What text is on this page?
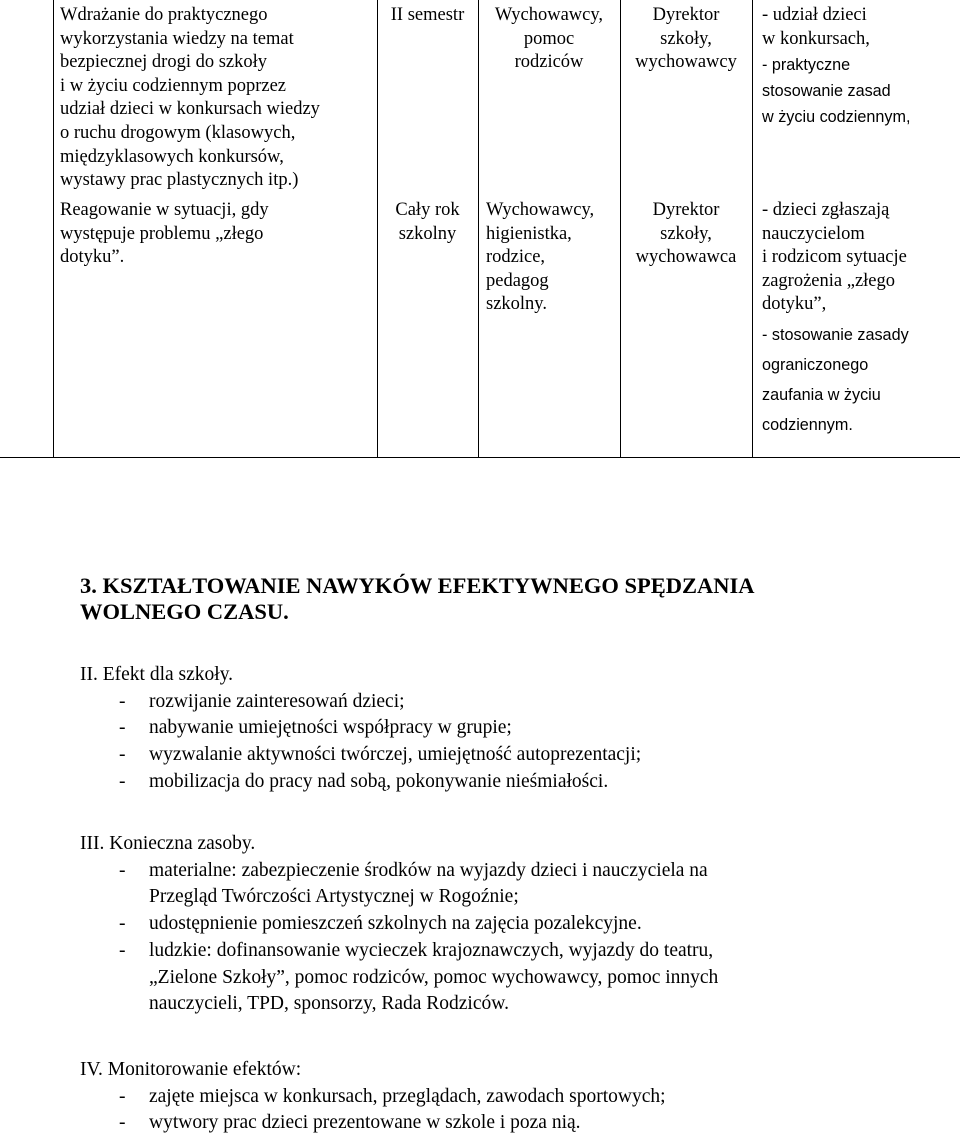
Wdrażanie do praktycznego
wykorzystania wiedzy na temat
bezpiecznej drogi do szkoły
i w życiu codziennym poprzez
udział dzieci w konkursach wiedzy
o ruchu drogowym (klasowych,
międzyklasowych konkursów,
wystawy prac plastycznych itp.)
II semestr	Wychowawcy,
pomoc
rodziców
Dyrektor
szkoły,
wychowawcy
- udział dzieci
w konkursach,
- praktyczne
stosowanie zasad
w życiu codziennym,
Reagowanie w sytuacji, gdy
występuje problemu „złego
dotyku”.
Cały rok
szkolny
Wychowawcy,
higienistka,
rodzice,
pedagog
szkolny.
Dyrektor
szkoły,
wychowawca
- dzieci zgłaszają
nauczycielom
i rodzicom sytuacje
zagrożenia „złego
dotyku”,
- stosowanie zasady
ograniczonego
zaufania w życiu
codziennym.
3. KSZTAŁTOWANIE NAWYKÓW EFEKTYWNEGO SPĘDZANIA
WOLNEGO CZASU.
II. Efekt dla szkoły.
- rozwijanie zainteresowań dzieci;
- nabywanie umiejętności współpracy w grupie;
- wyzwalanie aktywności twórczej, umiejętność autoprezentacji;
- mobilizacja do pracy nad sobą, pokonywanie nieśmiałości.
III. Konieczna zasoby.
- materialne: zabezpieczenie środków na wyjazdy dzieci i nauczyciela na
Przegląd Twórczości Artystycznej w Rogoźnie;
- udostępnienie pomieszczeń szkolnych na zajęcia pozalekcyjne.
- ludzkie: dofinansowanie wycieczek krajoznawczych, wyjazdy do teatru,
„Zielone Szkoły”, pomoc rodziców, pomoc wychowawcy, pomoc innych
nauczycieli, TPD, sponsorzy, Rada Rodziców.
IV. Monitorowanie efektów:
- zajęte miejsca w konkursach, przeglądach, zawodach sportowych;
- wytwory prac dzieci prezentowane w szkole i poza nią.
